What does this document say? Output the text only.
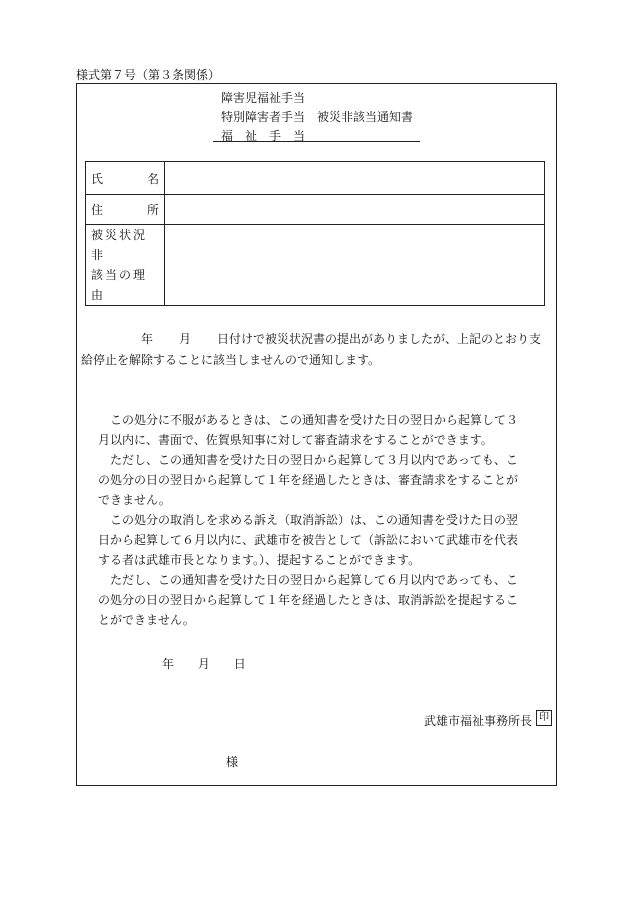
様式第７号（第３条関係）
障害児福祉手当
特別障害者手当　被災非該当通知書
福　祉　手　当
氏 名	

住 所	

被災状況非
該当の理由	

年 月 日付けで被災状況書の提出がありましたが、上記のとおり支給停止を解除することに該当しませんので通知します。

この処分に不服があるときは、この通知書を受けた日の翌日から起算して３月以内に、書面で、佐賀県知事に対して審査請求をすることができます。

ただし、この通知書を受けた日の翌日から起算して３月以内であっても、この処分の日の翌日から起算して１年を経過したときは、審査請求をすることができません。

この処分の取消しを求める訴え（取消訴訟）は、この通知書を受けた日の翌日から起算して６月以内に、武雄市を被告として（訴訟において武雄市を代表する者は武雄市長となります。）、提起することができます。

ただし、この通知書を受けた日の翌日から起算して６月以内であっても、この処分の日の翌日から起算して１年を経過したときは、取消訴訟を提起することができません。

年 月 日
武雄市福祉事務所長 印
様
